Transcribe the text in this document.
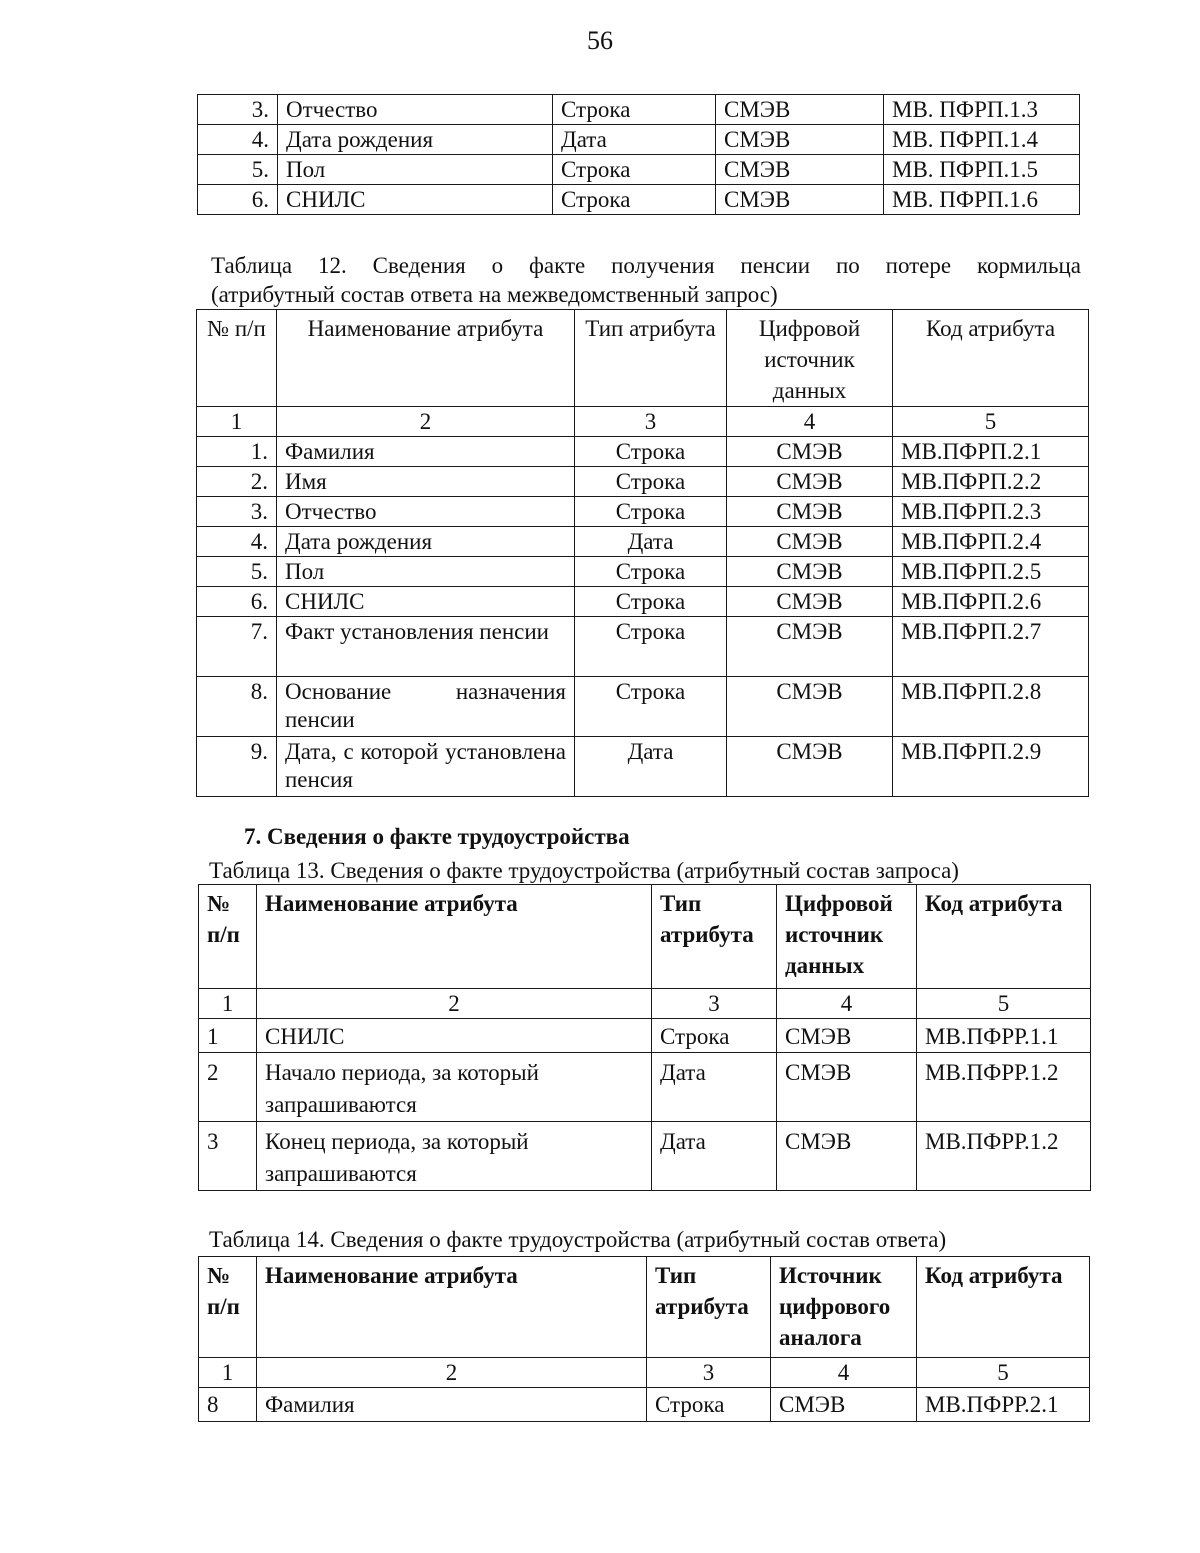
56
3.	Отчество	Строка	СМЭВ	МВ. ПФРП.1.3
4.	Дата рождения	Дата	СМЭВ	МВ. ПФРП.1.4
5.	Пол	Строка	СМЭВ	МВ. ПФРП.1.5
6.	СНИЛС	Строка	СМЭВ	МВ. ПФРП.1.6
Таблица 12. Сведения о факте получения пенсии по потере кормильца
(атрибутный состав ответа на межведомственный запрос)
№ п/п	Наименование атрибута	Тип атрибута	Цифровой источник данных	Код атрибута
1	2	3	4	5
1.	Фамилия	Строка	СМЭВ	МВ.ПФРП.2.1
2.	Имя	Строка	СМЭВ	МВ.ПФРП.2.2
3.	Отчество	Строка	СМЭВ	МВ.ПФРП.2.3
4.	Дата рождения	Дата	СМЭВ	МВ.ПФРП.2.4
5.	Пол	Строка	СМЭВ	МВ.ПФРП.2.5
6.	СНИЛС	Строка	СМЭВ	МВ.ПФРП.2.6
7.	Факт установления пенсии	Строка	СМЭВ	МВ.ПФРП.2.7
8.	Основание назначения пенсии	Строка	СМЭВ	МВ.ПФРП.2.8
9.	Дата, с которой установлена пенсия	Дата	СМЭВ	МВ.ПФРП.2.9
7. Сведения о факте трудоустройства
Таблица 13. Сведения о факте трудоустройства (атрибутный состав запроса)
№ п/п	Наименование атрибута	Тип атрибута	Цифровой источник данных	Код атрибута
1	2	3	4	5
1	СНИЛС	Строка	СМЭВ	МВ.ПФРР.1.1
2	Начало периода, за который запрашиваются	Дата	СМЭВ	МВ.ПФРР.1.2
3	Конец периода, за который запрашиваются	Дата	СМЭВ	МВ.ПФРР.1.2
Таблица 14. Сведения о факте трудоустройства (атрибутный состав ответа)
№ п/п	Наименование атрибута	Тип атрибута	Источник цифрового аналога	Код атрибута
1	2	3	4	5
8	Фамилия	Строка	СМЭВ	МВ.ПФРР.2.1
